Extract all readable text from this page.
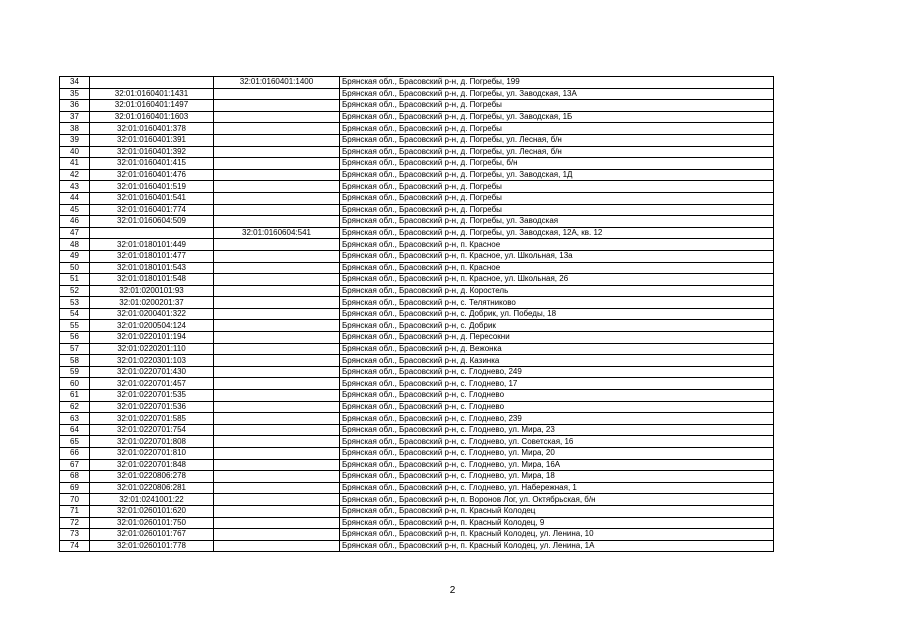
34		32:01:0160401:1400	Брянская обл., Брасовский р-н, д. Погребы, 199
35	32:01:0160401:1431		Брянская обл., Брасовский р-н, д. Погребы, ул. Заводская, 13А
36	32:01:0160401:1497		Брянская обл., Брасовский р-н, д. Погребы
37	32:01:0160401:1603		Брянская обл., Брасовский р-н, д. Погребы, ул. Заводская, 1Б
38	32:01:0160401:378		Брянская обл., Брасовский р-н, д. Погребы
39	32:01:0160401:391		Брянская обл., Брасовский р-н, д. Погребы, ул. Лесная, б/н
40	32:01:0160401:392		Брянская обл., Брасовский р-н, д. Погребы, ул. Лесная, б/н
41	32:01:0160401:415		Брянская обл., Брасовский р-н, д. Погребы, б/н
42	32:01:0160401:476		Брянская обл., Брасовский р-н, д. Погребы, ул. Заводская, 1Д
43	32:01:0160401:519		Брянская обл., Брасовский р-н, д. Погребы
44	32:01:0160401:541		Брянская обл., Брасовский р-н, д. Погребы
45	32:01:0160401:774		Брянская обл., Брасовский р-н, д. Погребы
46	32:01:0160604:509		Брянская обл., Брасовский р-н, д. Погребы, ул. Заводская
47		32:01:0160604:541	Брянская обл., Брасовский р-н, д. Погребы, ул. Заводская, 12А, кв. 12
48	32:01:0180101:449		Брянская обл., Брасовский р-н, п. Красное
49	32:01:0180101:477		Брянская обл., Брасовский р-н, п. Красное, ул. Школьная, 13а
50	32:01:0180101:543		Брянская обл., Брасовский р-н, п. Красное
51	32:01:0180101:548		Брянская обл., Брасовский р-н, п. Красное, ул. Школьная, 26
52	32:01:0200101:93		Брянская обл., Брасовский р-н, д. Коростель
53	32:01:0200201:37		Брянская обл., Брасовский р-н, с. Телятниково
54	32:01:0200401:322		Брянская обл., Брасовский р-н, с. Добрик, ул. Победы, 18
55	32:01:0200504:124		Брянская обл., Брасовский р-н, с. Добрик
56	32:01:0220101:194		Брянская обл., Брасовский р-н, д. Пересокни
57	32:01:0220201:110		Брянская обл., Брасовский р-н, д. Вежонка
58	32:01:0220301:103		Брянская обл., Брасовский р-н, д. Казинка
59	32:01:0220701:430		Брянская обл., Брасовский р-н, с. Глоднево, 249
60	32:01:0220701:457		Брянская обл., Брасовский р-н, с. Глоднево, 17
61	32:01:0220701:535		Брянская обл., Брасовский р-н, с. Глодневo
62	32:01:0220701:536		Брянская обл., Брасовский р-н, с. Глоднево
63	32:01:0220701:585		Брянская обл., Брасовский р-н, с. Глоднево, 239
64	32:01:0220701:754		Брянская обл., Брасовский р-н, с. Глоднево, ул. Мира, 23
65	32:01:0220701:808		Брянская обл., Брасовский р-н, с. Глоднево, ул. Советская, 16
66	32:01:0220701:810		Брянская обл., Брасовский р-н, с. Глоднево, ул. Мира, 20
67	32:01:0220701:848		Брянская обл., Брасовский р-н, с. Глоднево, ул. Мира, 16А
68	32:01:0220806:278		Брянская обл., Брасовский р-н, с. Глоднево, ул. Мира, 18
69	32:01:0220806:281		Брянская обл., Брасовский р-н, с. Глоднево, ул. Набережная, 1
70	32:01:0241001:22		Брянская обл., Брасовский р-н, п. Воронов Лог, ул. Октябрьская, б/н
71	32:01:0260101:620		Брянская обл., Брасовский р-н, п. Красный Колодец
72	32:01:0260101:750		Брянская обл., Брасовский р-н, п. Красный Колодец, 9
73	32:01:0260101:767		Брянская обл., Брасовский р-н, п. Красный Колодец, ул. Ленина, 10
74	32:01:0260101:778		Брянская обл., Брасовский р-н, п. Красный Колодец, ул. Ленина, 1А
2
